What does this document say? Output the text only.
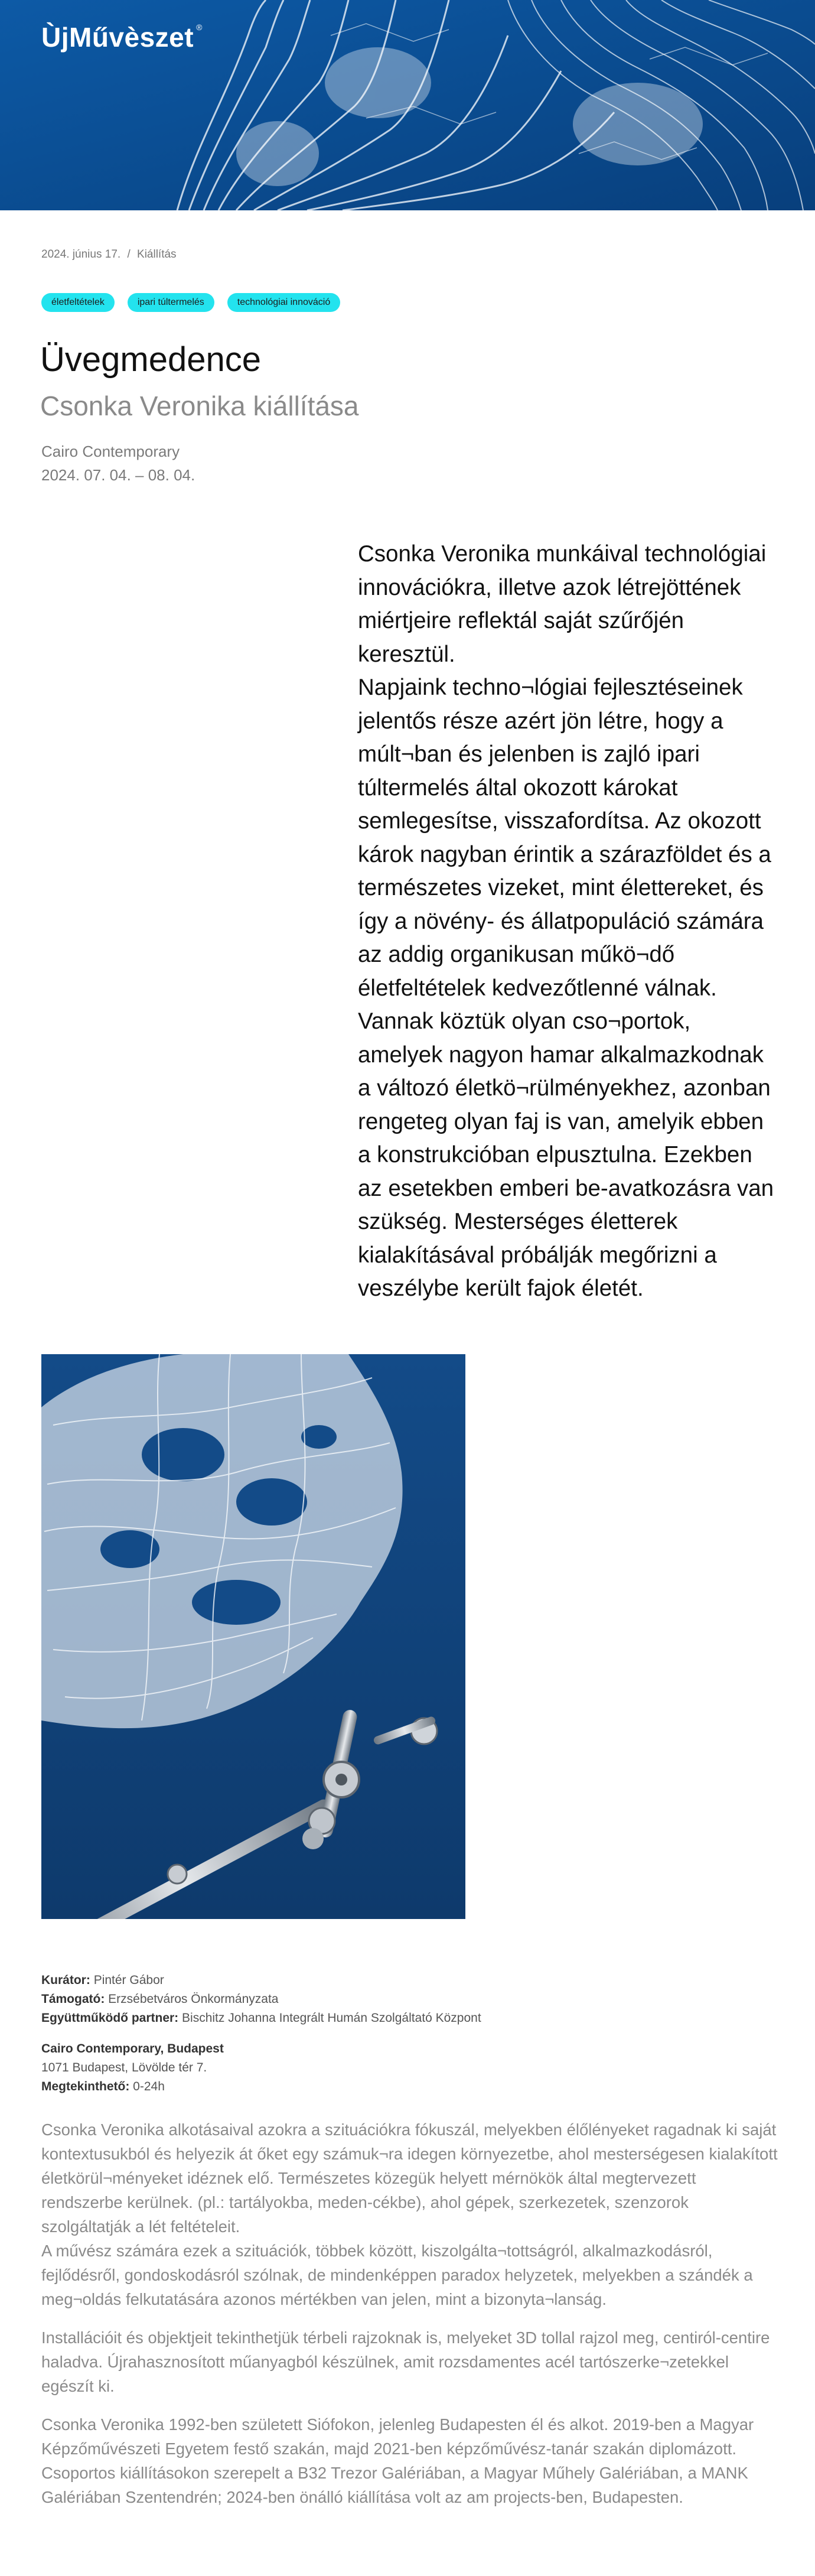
ÙjMűvèszet ®
2024. június 17. / Kiállítás
életfeltételek	ipari túltermelés	technológiai innováció
Üvegmedence
Csonka Veronika kiállítása
Cairo Contemporary
2024. 07. 04. – 08. 04.

Csonka Veronika munkáival technológiai innovációkra, illetve azok létrejöttének miértjeire reflektál saját szűrőjén keresztül.

Napjaink techno¬lógiai fejlesztéseinek jelentős része azért jön létre, hogy a múlt¬ban és jelenben is zajló ipari túltermelés által okozott károkat semlegesítse, visszafordítsa. Az okozott károk nagyban érintik a szárazföldet és a természetes vizeket, mint élettereket, és így a növény- és állatpopuláció számára az addig organikusan műkö¬dő életfeltételek kedvezőtlenné válnak. Vannak köztük olyan cso¬portok, amelyek nagyon hamar alkalmazkodnak a változó életkö¬rülményekhez, azonban rengeteg olyan faj is van, amelyik ebben a konstrukcióban elpusztulna. Ezekben az esetekben emberi be-avatkozásra van szükség. Mesterséges életterek kialakításával próbálják megőrizni a veszélybe került fajok életét.

Kurátor: Pintér Gábor
Támogató: Erzsébetváros Önkormányzata
Együttműködő partner: Bischitz Johanna Integrált Humán Szolgáltató Központ
Cairo Contemporary, Budapest
1071 Budapest, Lövölde tér 7.
Megtekinthető: 0-24h

Csonka Veronika alkotásaival azokra a szituációkra fókuszál, melyekben élőlényeket ragadnak ki saját kontextusukból és helyezik át őket egy számuk¬ra idegen környezetbe, ahol mesterségesen kialakított életkörül¬ményeket idéznek elő. Természetes közegük helyett mérnökök által megtervezett rendszerbe kerülnek. (pl.: tartályokba, meden-cékbe), ahol gépek, szerkezetek, szenzorok szolgáltatják a lét feltételeit.

A művész számára ezek a szituációk, többek között, kiszolgálta¬tottságról, alkalmazkodásról, fejlődésről, gondoskodásról szólnak, de mindenképpen paradox helyzetek, melyekben a szándék a meg¬oldás felkutatására azonos mértékben van jelen, mint a bizonyta¬lanság.

Installációit és objektjeit tekinthetjük térbeli rajzoknak is, melyeket 3D tollal rajzol meg, centiról-centire haladva. Újrahasznosított műanyagból készülnek, amit rozsdamentes acél tartószerke¬zetekkel egészít ki.

Csonka Veronika 1992-ben született Siófokon, jelenleg Budapesten él és alkot. 2019-ben a Magyar Képzőművészeti Egyetem festő szakán, majd 2021-ben képzőművész-tanár szakán diplomázott. Csoportos kiállításokon szerepelt a B32 Trezor Galériában, a Magyar Műhely Galériában, a MANK Galériában Szentendrén; 2024-ben önálló kiállítása volt az am projects-ben, Budapesten.
